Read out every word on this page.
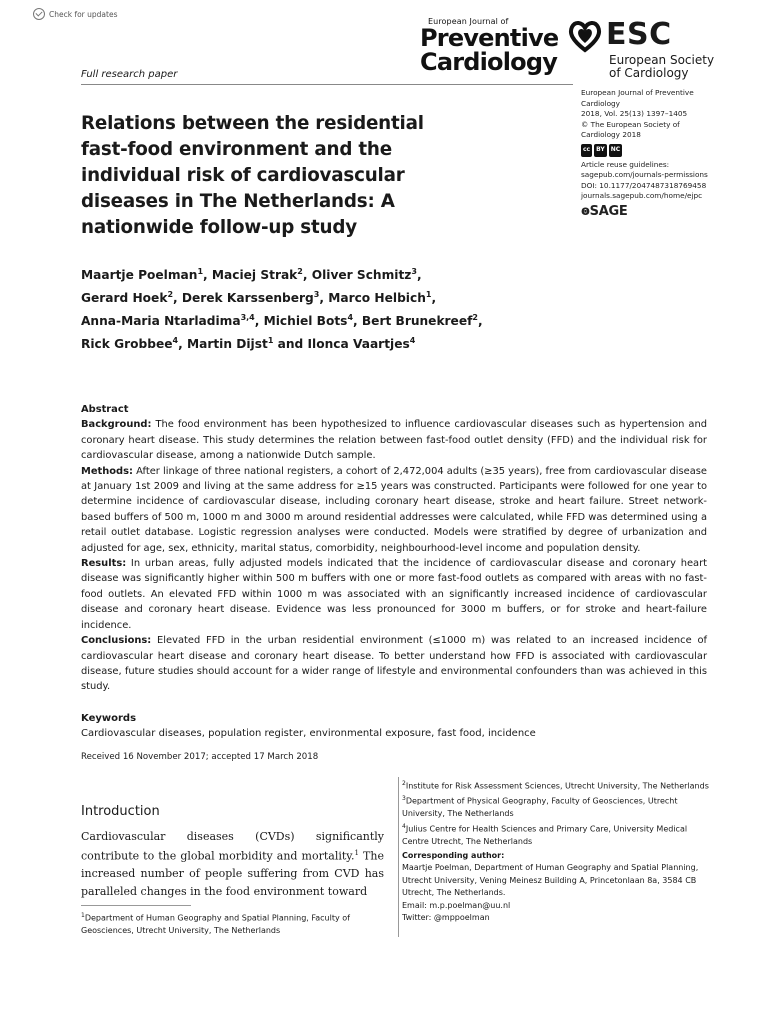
Check for updates
European Journal of
Preventive
Cardiology
ESC
European Society
of Cardiology
Full research paper
Relations between the residential fast-food environment and the individual risk of cardiovascular diseases in The Netherlands: A nationwide follow-up study
European Journal of Preventive
Cardiology
2018, Vol. 25(13) 1397–1405
© The European Society of
Cardiology 2018
cc	BY	NC
Article reuse guidelines:
sagepub.com/journals-permissions
DOI: 10.1177/2047487318769458
journals.sagepub.com/home/ejpc
ꙩSAGE
Maartje Poelman$^1$, Maciej Strak$^2$, Oliver Schmitz$^3$,
Gerard Hoek$^2$, Derek Karssenberg$^3$, Marco Helbich$^1$,
Anna-Maria Ntarladima$^{3,4}$, Michiel Bots$^4$, Bert Brunekreef$^2$,
Rick Grobbee$^4$, Martin Dijst$^1$ and Ilonca Vaartjes$^4$
Abstract
Background: The food environment has been hypothesized to influence cardiovascular diseases such as hypertension and coronary heart disease. This study determines the relation between fast-food outlet density (FFD) and the individual risk for cardiovascular disease, among a nationwide Dutch sample.
Methods: After linkage of three national registers, a cohort of 2,472,004 adults (≥35 years), free from cardiovascular disease at January 1st 2009 and living at the same address for ≥15 years was constructed. Participants were followed for one year to determine incidence of cardiovascular disease, including coronary heart disease, stroke and heart failure. Street network-based buffers of 500 m, 1000 m and 3000 m around residential addresses were calculated, while FFD was determined using a retail outlet database. Logistic regression analyses were conducted. Models were stratified by degree of urbanization and adjusted for age, sex, ethnicity, marital status, comorbidity, neighbourhood-level income and population density.
Results: In urban areas, fully adjusted models indicated that the incidence of cardiovascular disease and coronary heart disease was significantly higher within 500 m buffers with one or more fast-food outlets as compared with areas with no fast-food outlets. An elevated FFD within 1000 m was associated with an significantly increased incidence of cardiovascular disease and coronary heart disease. Evidence was less pronounced for 3000 m buffers, or for stroke and heart-failure incidence.
Conclusions: Elevated FFD in the urban residential environment (≤1000 m) was related to an increased incidence of cardiovascular heart disease and coronary heart disease. To better understand how FFD is associated with cardiovascular disease, future studies should account for a wider range of lifestyle and environmental confounders than was achieved in this study.
Keywords
Cardiovascular diseases, population register, environmental exposure, fast food, incidence
Received 16 November 2017; accepted 17 March 2018
Introduction
Cardiovascular diseases (CVDs) significantly contribute to the global morbidity and mortality.$^1$ The increased number of people suffering from CVD has paralleled changes in the food environment toward
$^1$Department of Human Geography and Spatial Planning, Faculty of Geosciences, Utrecht University, The Netherlands
$^2$Institute for Risk Assessment Sciences, Utrecht University, The Netherlands
$^3$Department of Physical Geography, Faculty of Geosciences, Utrecht University, The Netherlands
$^4$Julius Centre for Health Sciences and Primary Care, University Medical Centre Utrecht, The Netherlands
Corresponding author:
Maartje Poelman, Department of Human Geography and Spatial Planning, Utrecht University, Vening Meinesz Building A, Princetonlaan 8a, 3584 CB Utrecht, The Netherlands.
Email: m.p.poelman@uu.nl
Twitter: @mppoelman
